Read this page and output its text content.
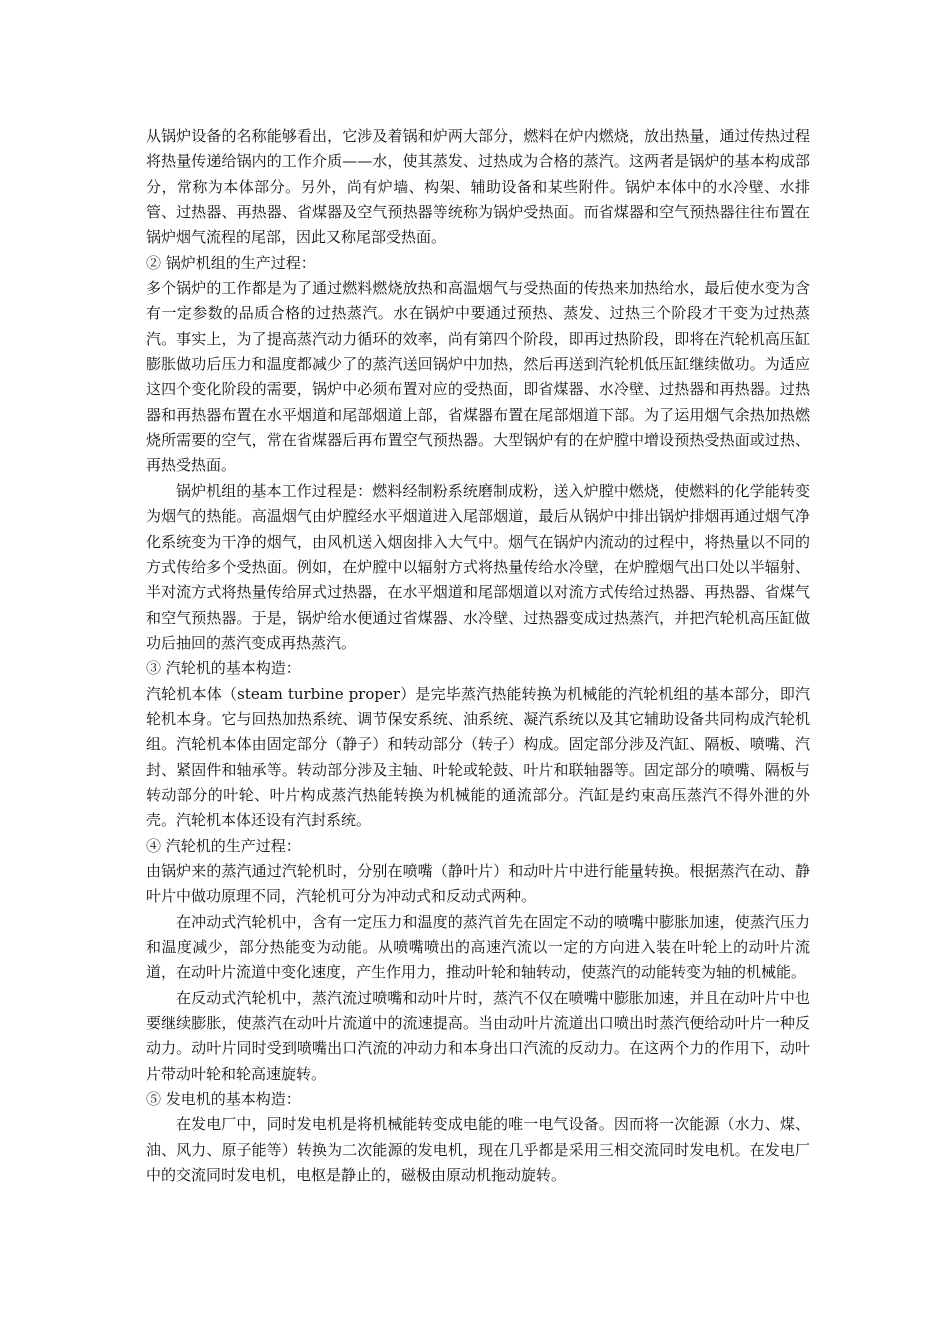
从锅炉设备的名称能够看出，它涉及着锅和炉两大部分，燃料在炉内燃烧，放出热量，通过传热过程将热量传递给锅内的工作介质——水，使其蒸发、过热成为合格的蒸汽。这两者是锅炉的基本构成部分，常称为本体部分。另外，尚有炉墙、构架、辅助设备和某些附件。锅炉本体中的水冷壁、水排管、过热器、再热器、省煤器及空气预热器等统称为锅炉受热面。而省煤器和空气预热器往往布置在锅炉烟气流程的尾部，因此又称尾部受热面。

② 锅炉机组的生产过程：

多个锅炉的工作都是为了通过燃料燃烧放热和高温烟气与受热面的传热来加热给水，最后使水变为含有一定参数的品质合格的过热蒸汽。水在锅炉中要通过预热、蒸发、过热三个阶段才干变为过热蒸汽。事实上，为了提高蒸汽动力循环的效率，尚有第四个阶段，即再过热阶段，即将在汽轮机高压缸膨胀做功后压力和温度都减少了的蒸汽送回锅炉中加热，然后再送到汽轮机低压缸继续做功。为适应这四个变化阶段的需要，锅炉中必须布置对应的受热面，即省煤器、水冷壁、过热器和再热器。过热器和再热器布置在水平烟道和尾部烟道上部，省煤器布置在尾部烟道下部。为了运用烟气余热加热燃烧所需要的空气，常在省煤器后再布置空气预热器。大型锅炉有的在炉膛中增设预热受热面或过热、再热受热面。

锅炉机组的基本工作过程是：燃料经制粉系统磨制成粉，送入炉膛中燃烧，使燃料的化学能转变为烟气的热能。高温烟气由炉膛经水平烟道进入尾部烟道，最后从锅炉中排出锅炉排烟再通过烟气净化系统变为干净的烟气，由风机送入烟囱排入大气中。烟气在锅炉内流动的过程中，将热量以不同的方式传给多个受热面。例如，在炉膛中以辐射方式将热量传给水冷壁，在炉膛烟气出口处以半辐射、半对流方式将热量传给屏式过热器，在水平烟道和尾部烟道以对流方式传给过热器、再热器、省煤气和空气预热器。于是，锅炉给水便通过省煤器、水冷壁、过热器变成过热蒸汽，并把汽轮机高压缸做功后抽回的蒸汽变成再热蒸汽。

③ 汽轮机的基本构造：

汽轮机本体（steam turbine proper）是完毕蒸汽热能转换为机械能的汽轮机组的基本部分，即汽轮机本身。它与回热加热系统、调节保安系统、油系统、凝汽系统以及其它辅助设备共同构成汽轮机组。汽轮机本体由固定部分（静子）和转动部分（转子）构成。固定部分涉及汽缸、隔板、喷嘴、汽封、紧固件和轴承等。转动部分涉及主轴、叶轮或轮鼓、叶片和联轴器等。固定部分的喷嘴、隔板与转动部分的叶轮、叶片构成蒸汽热能转换为机械能的通流部分。汽缸是约束高压蒸汽不得外泄的外壳。汽轮机本体还设有汽封系统。

④ 汽轮机的生产过程：

由锅炉来的蒸汽通过汽轮机时，分别在喷嘴（静叶片）和动叶片中进行能量转换。根据蒸汽在动、静叶片中做功原理不同，汽轮机可分为冲动式和反动式两种。

在冲动式汽轮机中，含有一定压力和温度的蒸汽首先在固定不动的喷嘴中膨胀加速，使蒸汽压力和温度减少，部分热能变为动能。从喷嘴喷出的高速汽流以一定的方向进入装在叶轮上的动叶片流道，在动叶片流道中变化速度，产生作用力，推动叶轮和轴转动，使蒸汽的动能转变为轴的机械能。

在反动式汽轮机中，蒸汽流过喷嘴和动叶片时，蒸汽不仅在喷嘴中膨胀加速，并且在动叶片中也要继续膨胀，使蒸汽在动叶片流道中的流速提高。当由动叶片流道出口喷出时蒸汽便给动叶片一种反动力。动叶片同时受到喷嘴出口汽流的冲动力和本身出口汽流的反动力。在这两个力的作用下，动叶片带动叶轮和轮高速旋转。

⑤ 发电机的基本构造：

在发电厂中，同时发电机是将机械能转变成电能的唯一电气设备。因而将一次能源（水力、煤、油、风力、原子能等）转换为二次能源的发电机，现在几乎都是采用三相交流同时发电机。在发电厂中的交流同时发电机，电枢是静止的，磁极由原动机拖动旋转。
